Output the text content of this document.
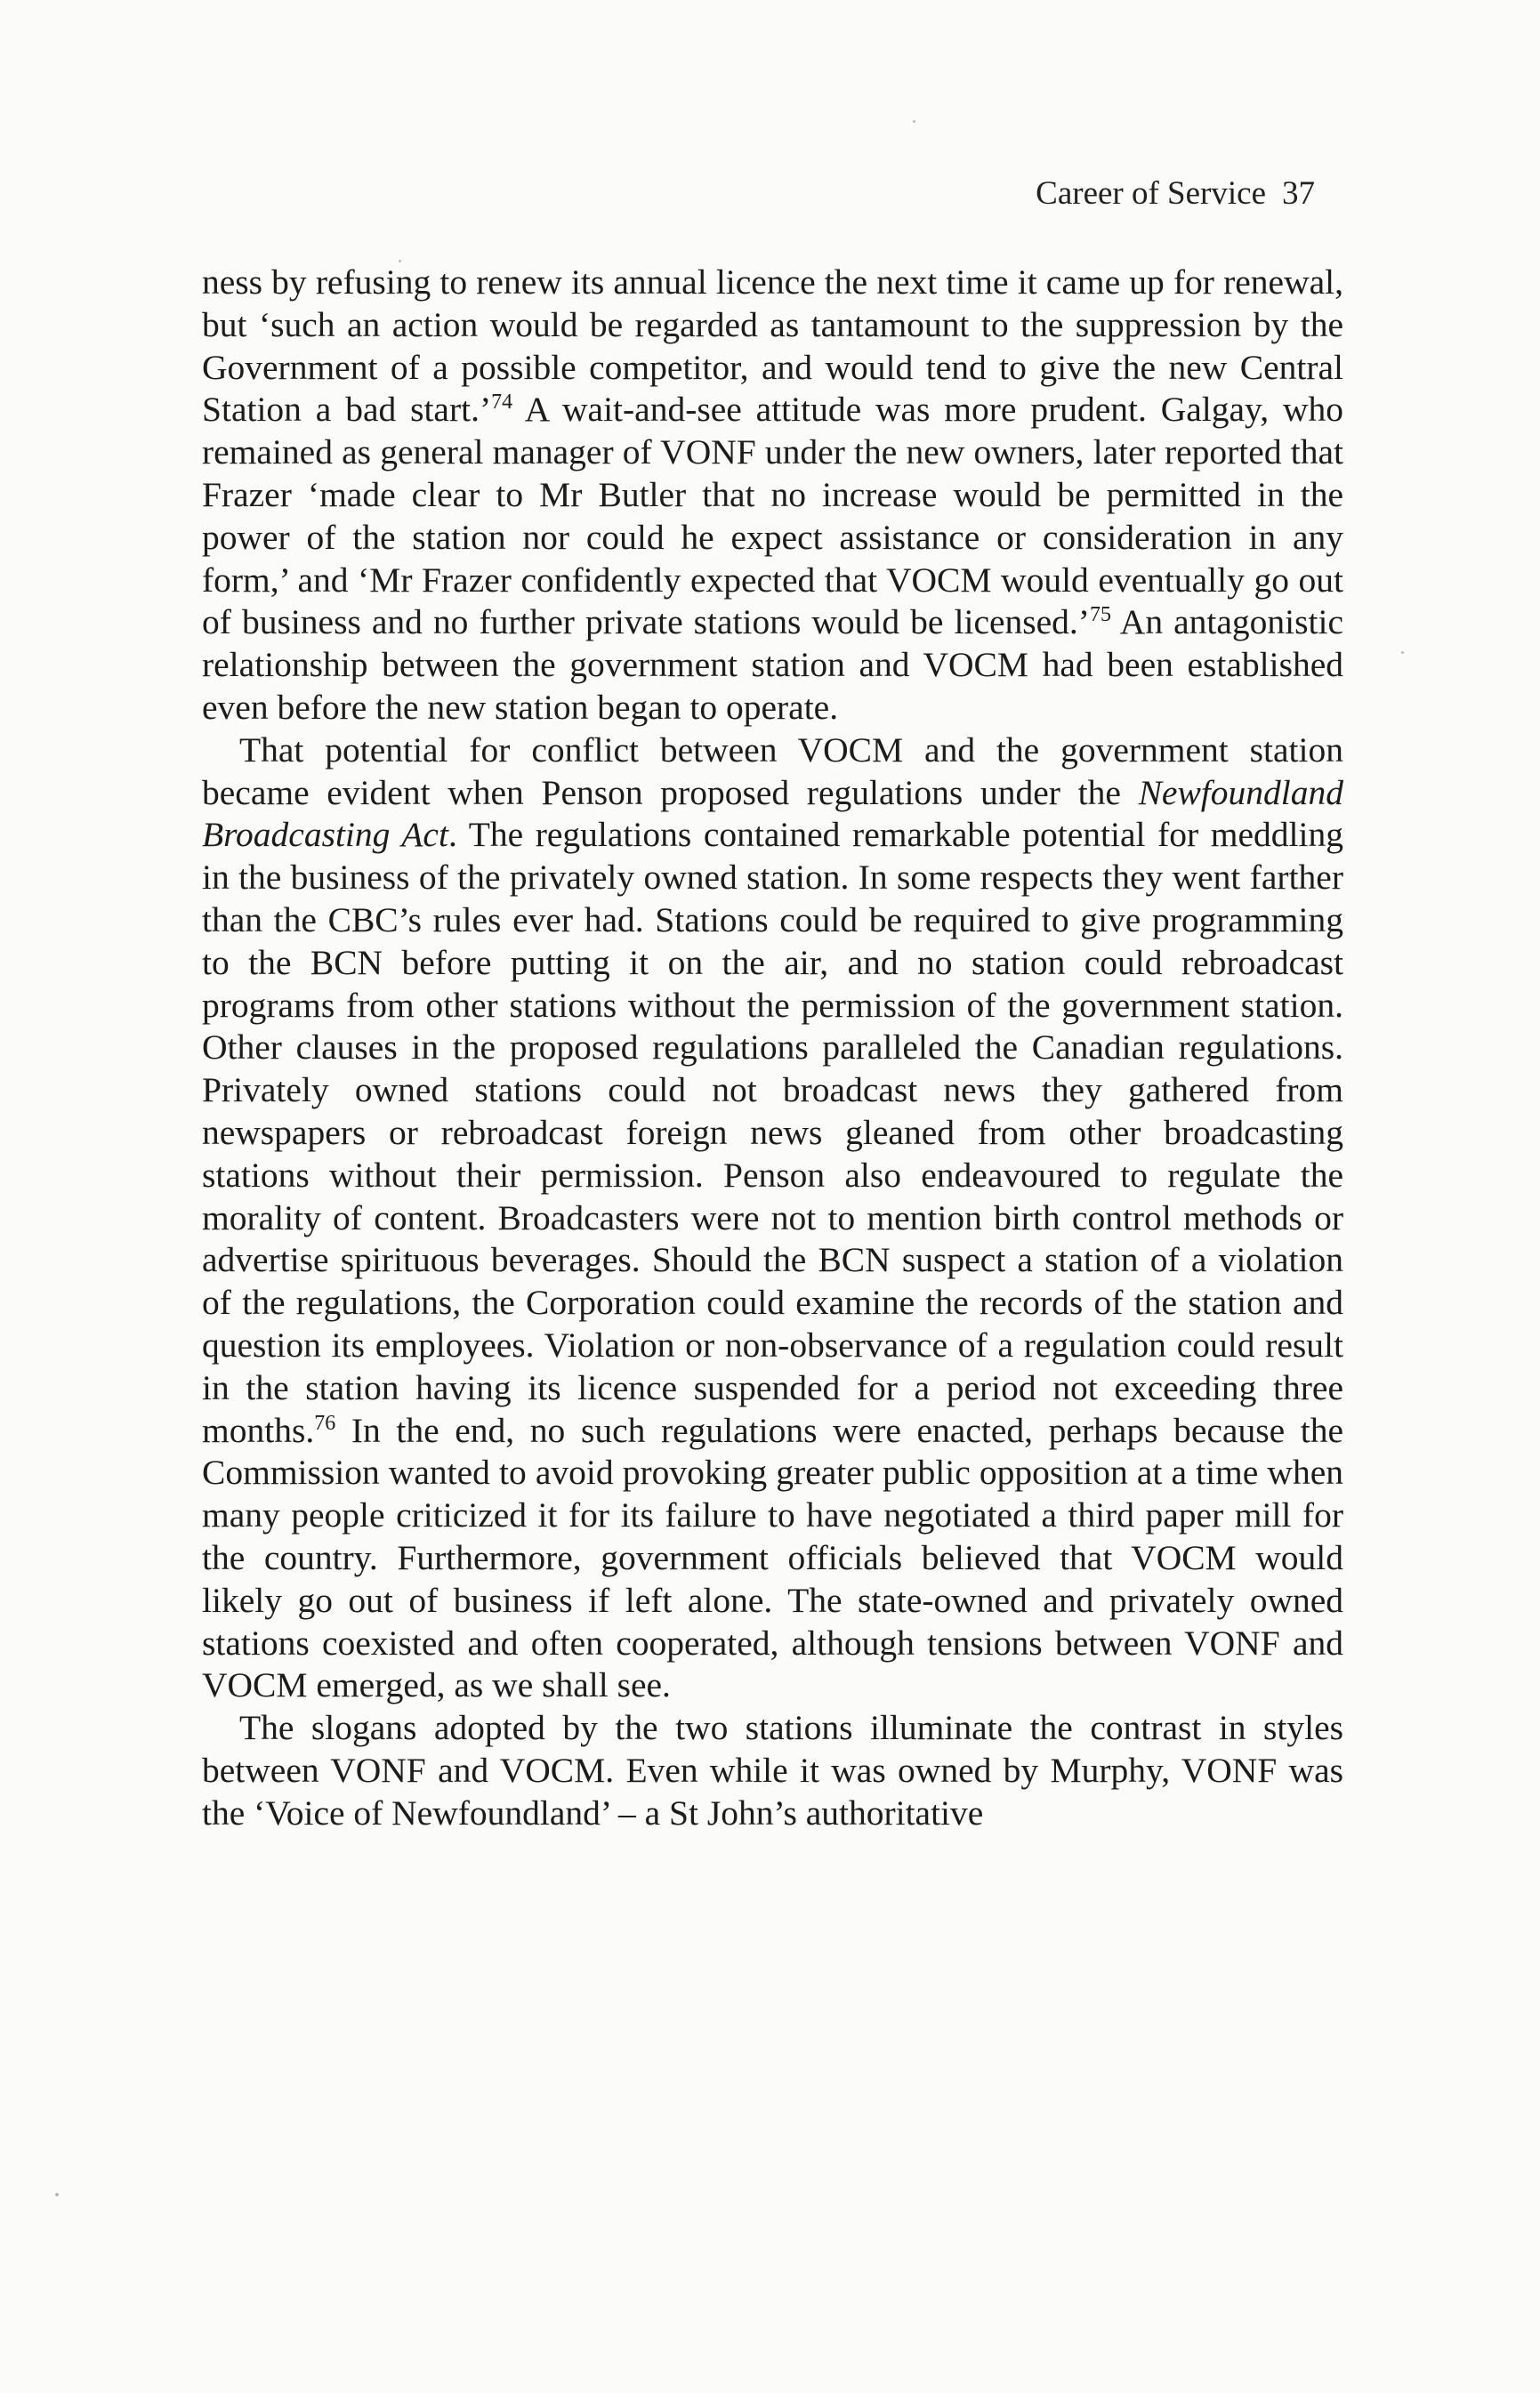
Career of Service 37

ness by refusing to renew its annual licence the next time it came up for renewal, but ‘such an action would be regarded as tantamount to the suppression by the Government of a possible competitor, and would tend to give the new Central Station a bad start.’$^{74}$ A wait-and-see attitude was more prudent. Galgay, who remained as general manager of VONF under the new owners, later reported that Frazer ‘made clear to Mr Butler that no increase would be permitted in the power of the station nor could he expect assistance or consideration in any form,’ and ‘Mr Frazer confidently expected that VOCM would eventually go out of business and no further private stations would be licensed.’$^{75}$ An antagonistic relationship between the government station and VOCM had been established even before the new station began to operate.

That potential for conflict between VOCM and the government station became evident when Penson proposed regulations under the Newfoundland Broadcasting Act. The regulations contained remarkable potential for meddling in the business of the privately owned station. In some respects they went farther than the CBC’s rules ever had. Stations could be required to give programming to the BCN before putting it on the air, and no station could rebroadcast programs from other stations without the permission of the government station. Other clauses in the proposed regulations paralleled the Canadian regulations. Privately owned stations could not broadcast news they gathered from newspapers or rebroadcast foreign news gleaned from other broadcasting stations without their permission. Penson also endeavoured to regulate the morality of content. Broadcasters were not to mention birth control methods or advertise spirituous beverages. Should the BCN suspect a station of a violation of the regulations, the Corporation could examine the records of the station and question its employees. Violation or non-observance of a regulation could result in the station having its licence suspended for a period not exceeding three months.$^{76}$ In the end, no such regulations were enacted, perhaps because the Commission wanted to avoid provoking greater public opposition at a time when many people criticized it for its failure to have negotiated a third paper mill for the country. Furthermore, government officials believed that VOCM would likely go out of business if left alone. The state-owned and privately owned stations coexisted and often cooperated, although tensions between VONF and VOCM emerged, as we shall see.

The slogans adopted by the two stations illuminate the contrast in styles between VONF and VOCM. Even while it was owned by Murphy, VONF was the ‘Voice of Newfoundland’ – a St John’s authoritative
